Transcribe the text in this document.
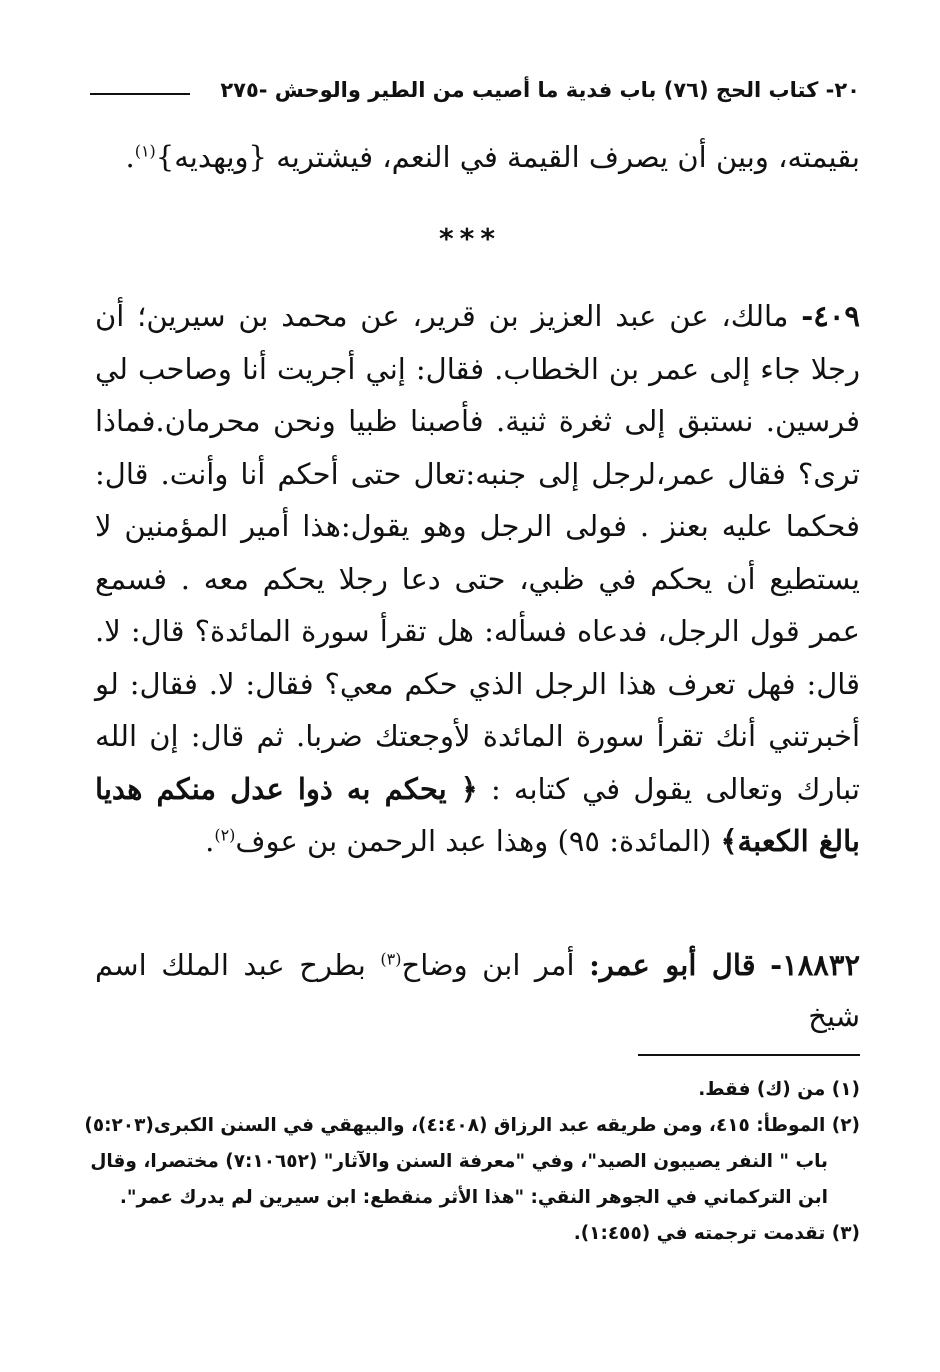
٢٠- كتاب الحج (٧٦) باب فدية ما أصيب من الطير والوحش -٢٧٥

بقيمته، وبين أن يصرف القيمة في النعم، فيشتريه {ويهديه}$^{(١)}$.

***

٤٠٩- مالك، عن عبد العزيز بن قرير، عن محمد بن سيرين؛ أن رجلا جاء إلى عمر بن الخطاب. فقال: إني أجريت أنا وصاحب لي فرسين. نستبق إلى ثغرة ثنية. فأصبنا ظبيا ونحن محرمان.فماذا ترى؟ فقال عمر،لرجل إلى جنبه:تعال حتى أحكم أنا وأنت. قال: فحكما عليه بعنز . فولى الرجل وهو يقول:هذا أمير المؤمنين لا يستطيع أن يحكم في ظبي، حتى دعا رجلا يحكم معه . فسمع عمر قول الرجل، فدعاه فسأله: هل تقرأ سورة المائدة؟ قال: لا. قال: فهل تعرف هذا الرجل الذي حكم معي؟ فقال: لا. فقال: لو أخبرتني أنك تقرأ سورة المائدة لأوجعتك ضربا. ثم قال: إن الله تبارك وتعالى يقول في كتابه : ﴿ يحكم به ذوا عدل منكم هديا بالغ الكعبة﴾ (المائدة: ٩٥) وهذا عبد الرحمن بن عوف$^{(٢)}$.

١٨٨٣٢- قال أبو عمر: أمر ابن وضاح$^{(٣)}$ بطرح عبد الملك اسم شيخ

(١) من (ك) فقط.

(٢) الموطأ: ٤١٥، ومن طريقه عبد الرزاق (٤:٤٠٨)، والبيهقي في السنن الكبرى(٥:٢٠٣)

باب " النفر يصيبون الصيد"، وفي "معرفة السنن والآثار" (٧:١٠٦٥٢) مختصرا، وقال

ابن التركماني في الجوهر النقي: "هذا الأثر منقطع: ابن سيرين لم يدرك عمر".

(٣) تقدمت ترجمته في (١:٤٥٥).
